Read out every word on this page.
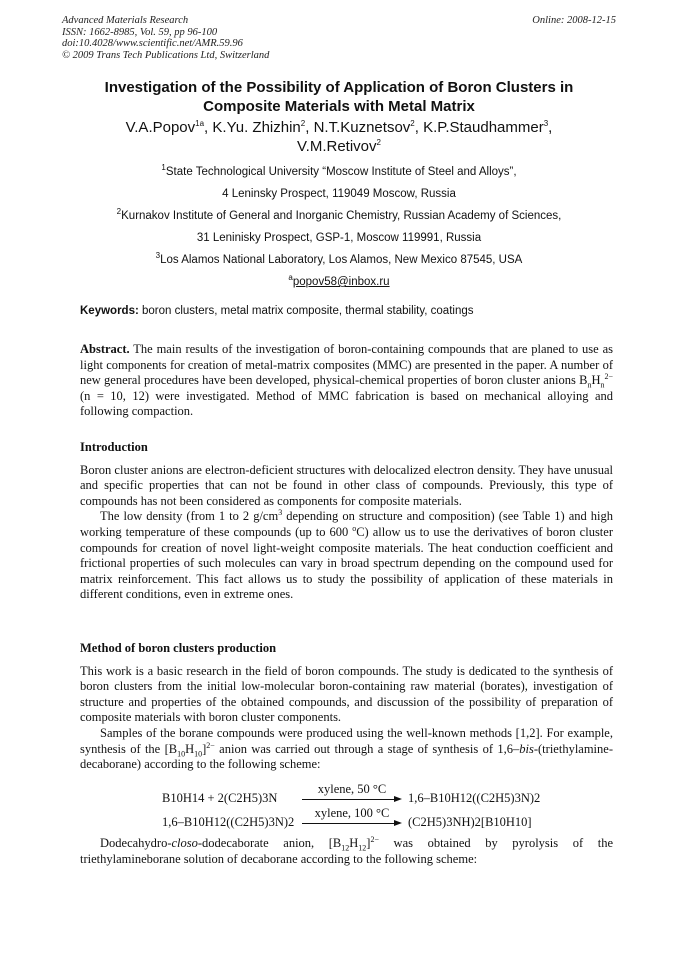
Advanced Materials Research
ISSN: 1662-8985, Vol. 59, pp 96-100
doi:10.4028/www.scientific.net/AMR.59.96
© 2009 Trans Tech Publications Ltd, Switzerland
Online: 2008-12-15
Investigation of the Possibility of Application of Boron Clusters in
Composite Materials with Metal Matrix
V.A.Popov$^{1a}$, K.Yu. Zhizhin$^2$, N.T.Kuznetsov$^2$, K.P.Staudhammer$^3$,
V.M.Retivov$^2$
$^1$State Technological University “Moscow Institute of Steel and Alloys”,
4 Leninsky Prospect, 119049 Moscow, Russia
$^2$Kurnakov Institute of General and Inorganic Chemistry, Russian Academy of Sciences,
31 Leninisky Prospect, GSP-1, Moscow 119991, Russia
$^3$Los Alamos National Laboratory, Los Alamos, New Mexico 87545, USA
$^a$popov58@inbox.ru
Keywords: boron clusters, metal matrix composite, thermal stability, coatings

Abstract. The main results of the investigation of boron-containing compounds that are planed to use as light components for creation of metal-matrix composites (MMC) are presented in the paper. A number of new general procedures have been developed, physical-chemical properties of boron cluster anions $B_nH_n^{2-}$ (n = 10, 12) were investigated. Method of MMC fabrication is based on mechanical alloying and following compaction.

Introduction

Boron cluster anions are electron-deficient structures with delocalized electron density. They have unusual and specific properties that can not be found in other class of compounds. Previously, this type of compounds has not been considered as components for composite materials.

The low density (from 1 to 2 $g/cm^3$ depending on structure and composition) (see Table 1) and high working temperature of these compounds (up to 600 $^o$C) allow us to use the derivatives of boron cluster compounds for creation of novel light-weight composite materials. The heat conduction coefficient and frictional properties of such molecules can vary in broad spectrum depending on the compound used for matrix reinforcement. This fact allows us to study the possibility of application of these materials in different conditions, even in extreme ones.

Method of boron clusters production

This work is a basic research in the field of boron compounds. The study is dedicated to the synthesis of boron clusters from the initial low-molecular boron-containing raw material (borates), investigation of structure and properties of the obtained compounds, and discussion of the possibility of preparation of composite materials with boron cluster components.

Samples of the borane compounds were produced using the well-known methods [1,2]. For example, synthesis of the $[B_{10}H_{10}]^{2-}$ anion was carried out through a stage of synthesis of 1,6–bis-(triethylamine-decaborane) according to the following scheme:

B10H14 + 2(C2H5)3N
xylene, 50 °C
1,6–B10H12((C2H5)3N)2
1,6–B10H12((C2H5)3N)2
xylene, 100 °C
(C2H5)3NH)2[B10H10]

Dodecahydro-closo-dodecaborate anion, $[B_{12}H_{12}]^{2-}$ was obtained by pyrolysis of the triethylamineborane solution of decaborane according to the following scheme:
